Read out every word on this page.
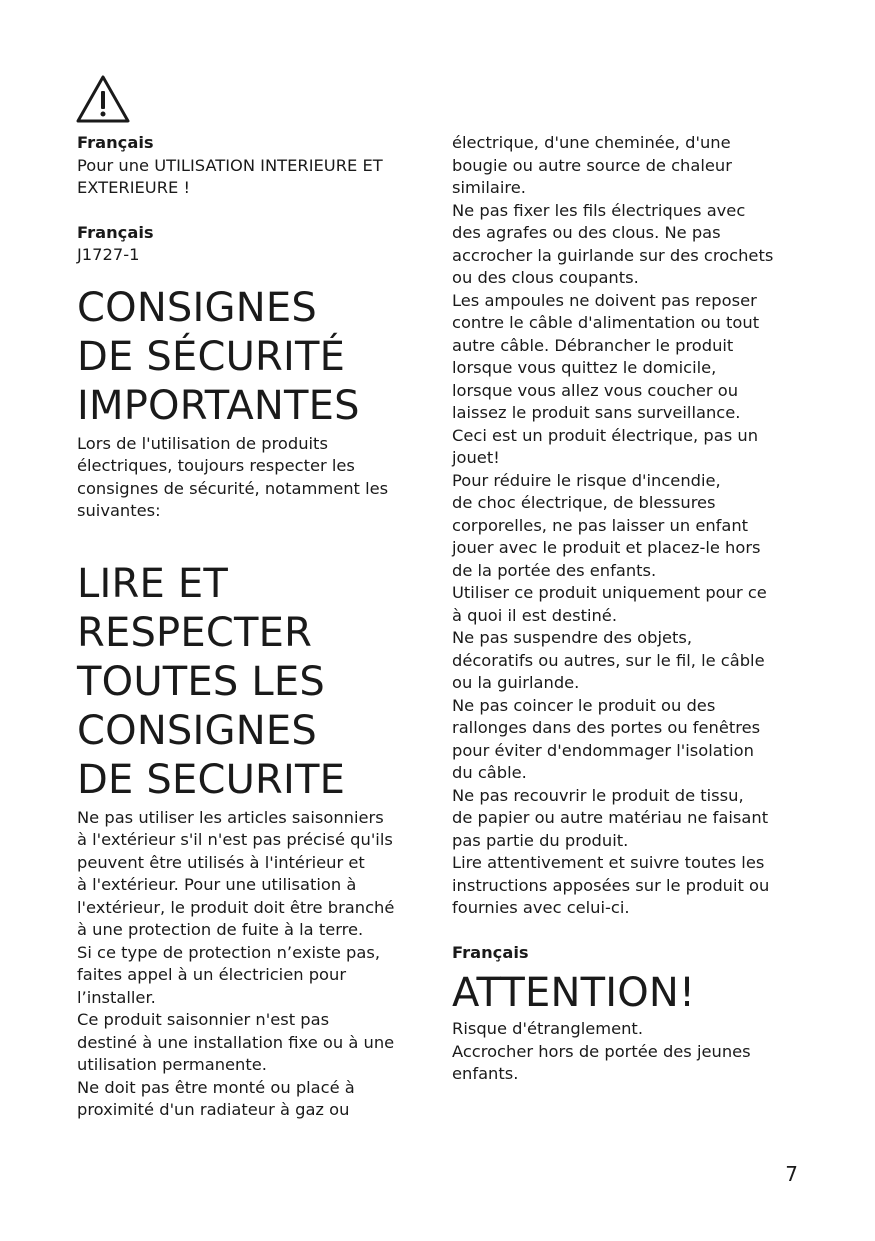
Français

Pour une UTILISATION INTERIEURE ET
EXTERIEURE !

Français

J1727-1

CONSIGNES
DE SÉCURITÉ
IMPORTANTES

Lors de l'utilisation de produits
électriques, toujours respecter les
consignes de sécurité, notamment les
suivantes:

LIRE ET
RESPECTER
TOUTES LES
CONSIGNES
DE SECURITE

Ne pas utiliser les articles saisonniers
à l'extérieur s'il n'est pas précisé qu'ils
peuvent être utilisés à l'intérieur et
à l'extérieur. Pour une utilisation à
l'extérieur, le produit doit être branché
à une protection de fuite à la terre.
Si ce type de protection n’existe pas,
faites appel à un électricien pour
l’installer.
Ce produit saisonnier n'est pas
destiné à une installation fixe ou à une
utilisation permanente.
Ne doit pas être monté ou placé à
proximité d'un radiateur à gaz ou

électrique, d'une cheminée, d'une
bougie ou autre source de chaleur
similaire.
Ne pas fixer les fils électriques avec
des agrafes ou des clous. Ne pas
accrocher la guirlande sur des crochets
ou des clous coupants.
Les ampoules ne doivent pas reposer
contre le câble d'alimentation ou tout
autre câble. Débrancher le produit
lorsque vous quittez le domicile,
lorsque vous allez vous coucher ou
laissez le produit sans surveillance.
Ceci est un produit électrique, pas un
jouet!
Pour réduire le risque d'incendie,
de choc électrique, de blessures
corporelles, ne pas laisser un enfant
jouer avec le produit et placez-le hors
de la portée des enfants.
Utiliser ce produit uniquement pour ce
à quoi il est destiné.
Ne pas suspendre des objets,
décoratifs ou autres, sur le fil, le câble
ou la guirlande.
Ne pas coincer le produit ou des
rallonges dans des portes ou fenêtres
pour éviter d'endommager l'isolation
du câble.
Ne pas recouvrir le produit de tissu,
de papier ou autre matériau ne faisant
pas partie du produit.
Lire attentivement et suivre toutes les
instructions apposées sur le produit ou
fournies avec celui-ci.

Français

ATTENTION!

Risque d'étranglement.
Accrocher hors de portée des jeunes
enfants.

7
